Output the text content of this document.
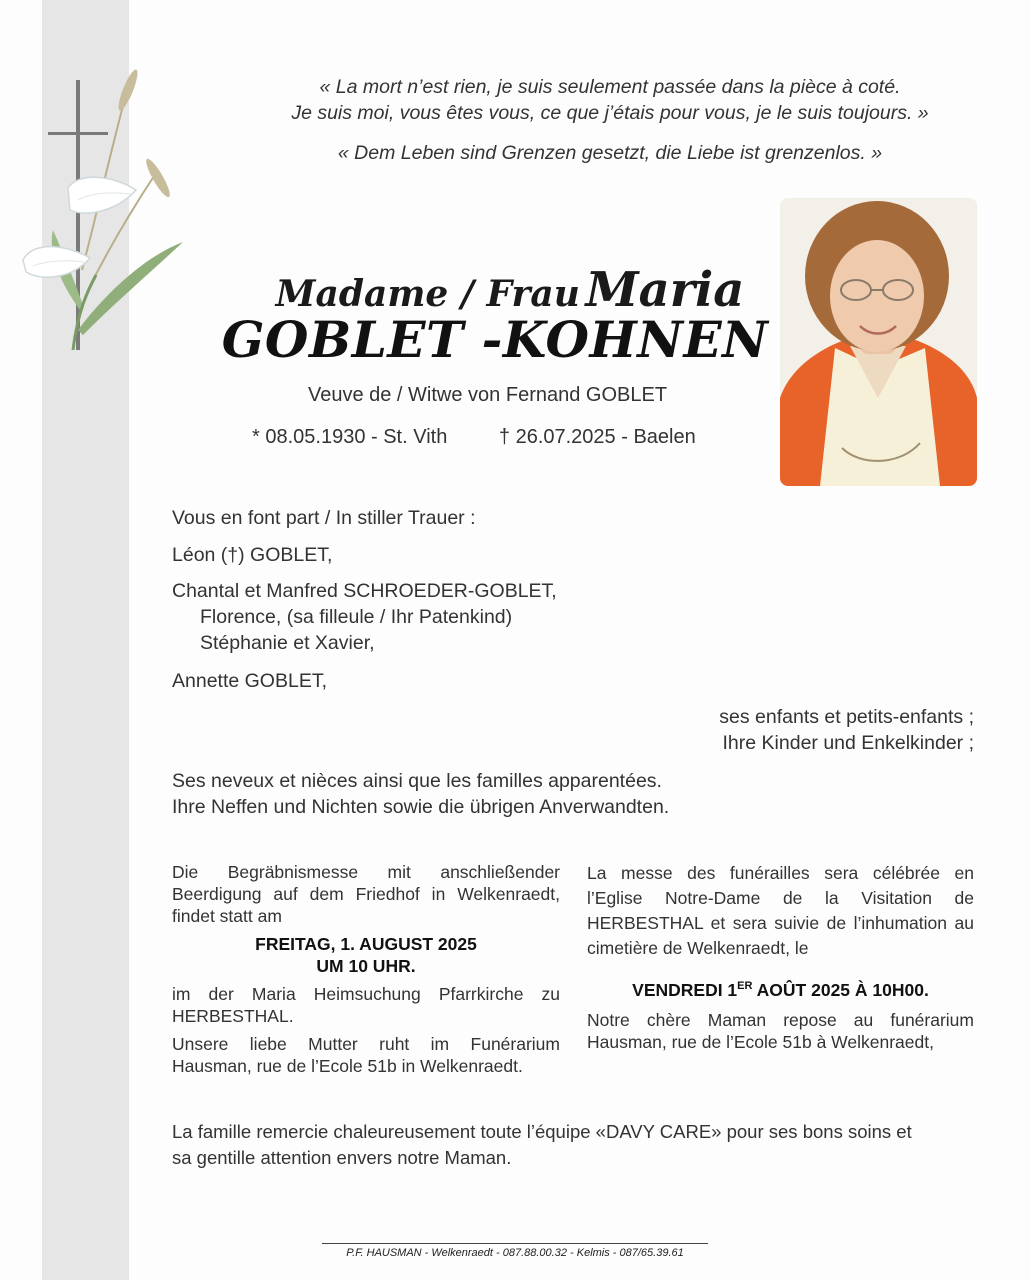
« La mort n’est rien, je suis seulement passée dans la pièce à coté.
Je suis moi, vous êtes vous, ce que j’étais pour vous, je le suis toujours. »
« Dem Leben sind Grenzen gesetzt, die Liebe ist grenzenlos. »
Madame / Frau Maria
GOBLET -KOHNEN
Veuve de / Witwe von Fernand GOBLET
* 08.05.1930 - St. Vith	† 26.07.2025 - Baelen
Vous en font part / In stiller Trauer :
Léon (†) GOBLET,
Chantal et Manfred SCHROEDER-GOBLET,
Florence, (sa filleule / Ihr Patenkind)
Stéphanie et Xavier,
Annette GOBLET,
ses enfants et petits-enfants ;
Ihre Kinder und Enkelkinder ;
Ses neveux et nièces ainsi que les familles apparentées.
Ihre Neffen und Nichten sowie die übrigen Anverwandten.

Die Begräbnismesse mit anschließender Beerdigung auf dem Friedhof in Welkenraedt, findet statt am

FREITAG, 1. AUGUST 2025
UM 10 UHR.

im der Maria Heimsuchung Pfarrkirche zu HERBESTHAL.

Unsere liebe Mutter ruht im Funérarium Hausman, rue de l’Ecole 51b in Welkenraedt.

La messe des funérailles sera célébrée en l’Eglise Notre-Dame de la Visitation de HERBESTHAL et sera suivie de l’inhumation au cimetière de Welkenraedt, le

VENDREDI 1ER AOÛT 2025 À 10H00.

Notre chère Maman repose au funérarium Hausman, rue de l’Ecole 51b à Welkenraedt,

La famille remercie chaleureusement toute l’équipe «DAVY CARE» pour ses bons soins et
sa gentille attention envers notre Maman.
P.F. HAUSMAN - Welkenraedt - 087.88.00.32 - Kelmis - 087/65.39.61
